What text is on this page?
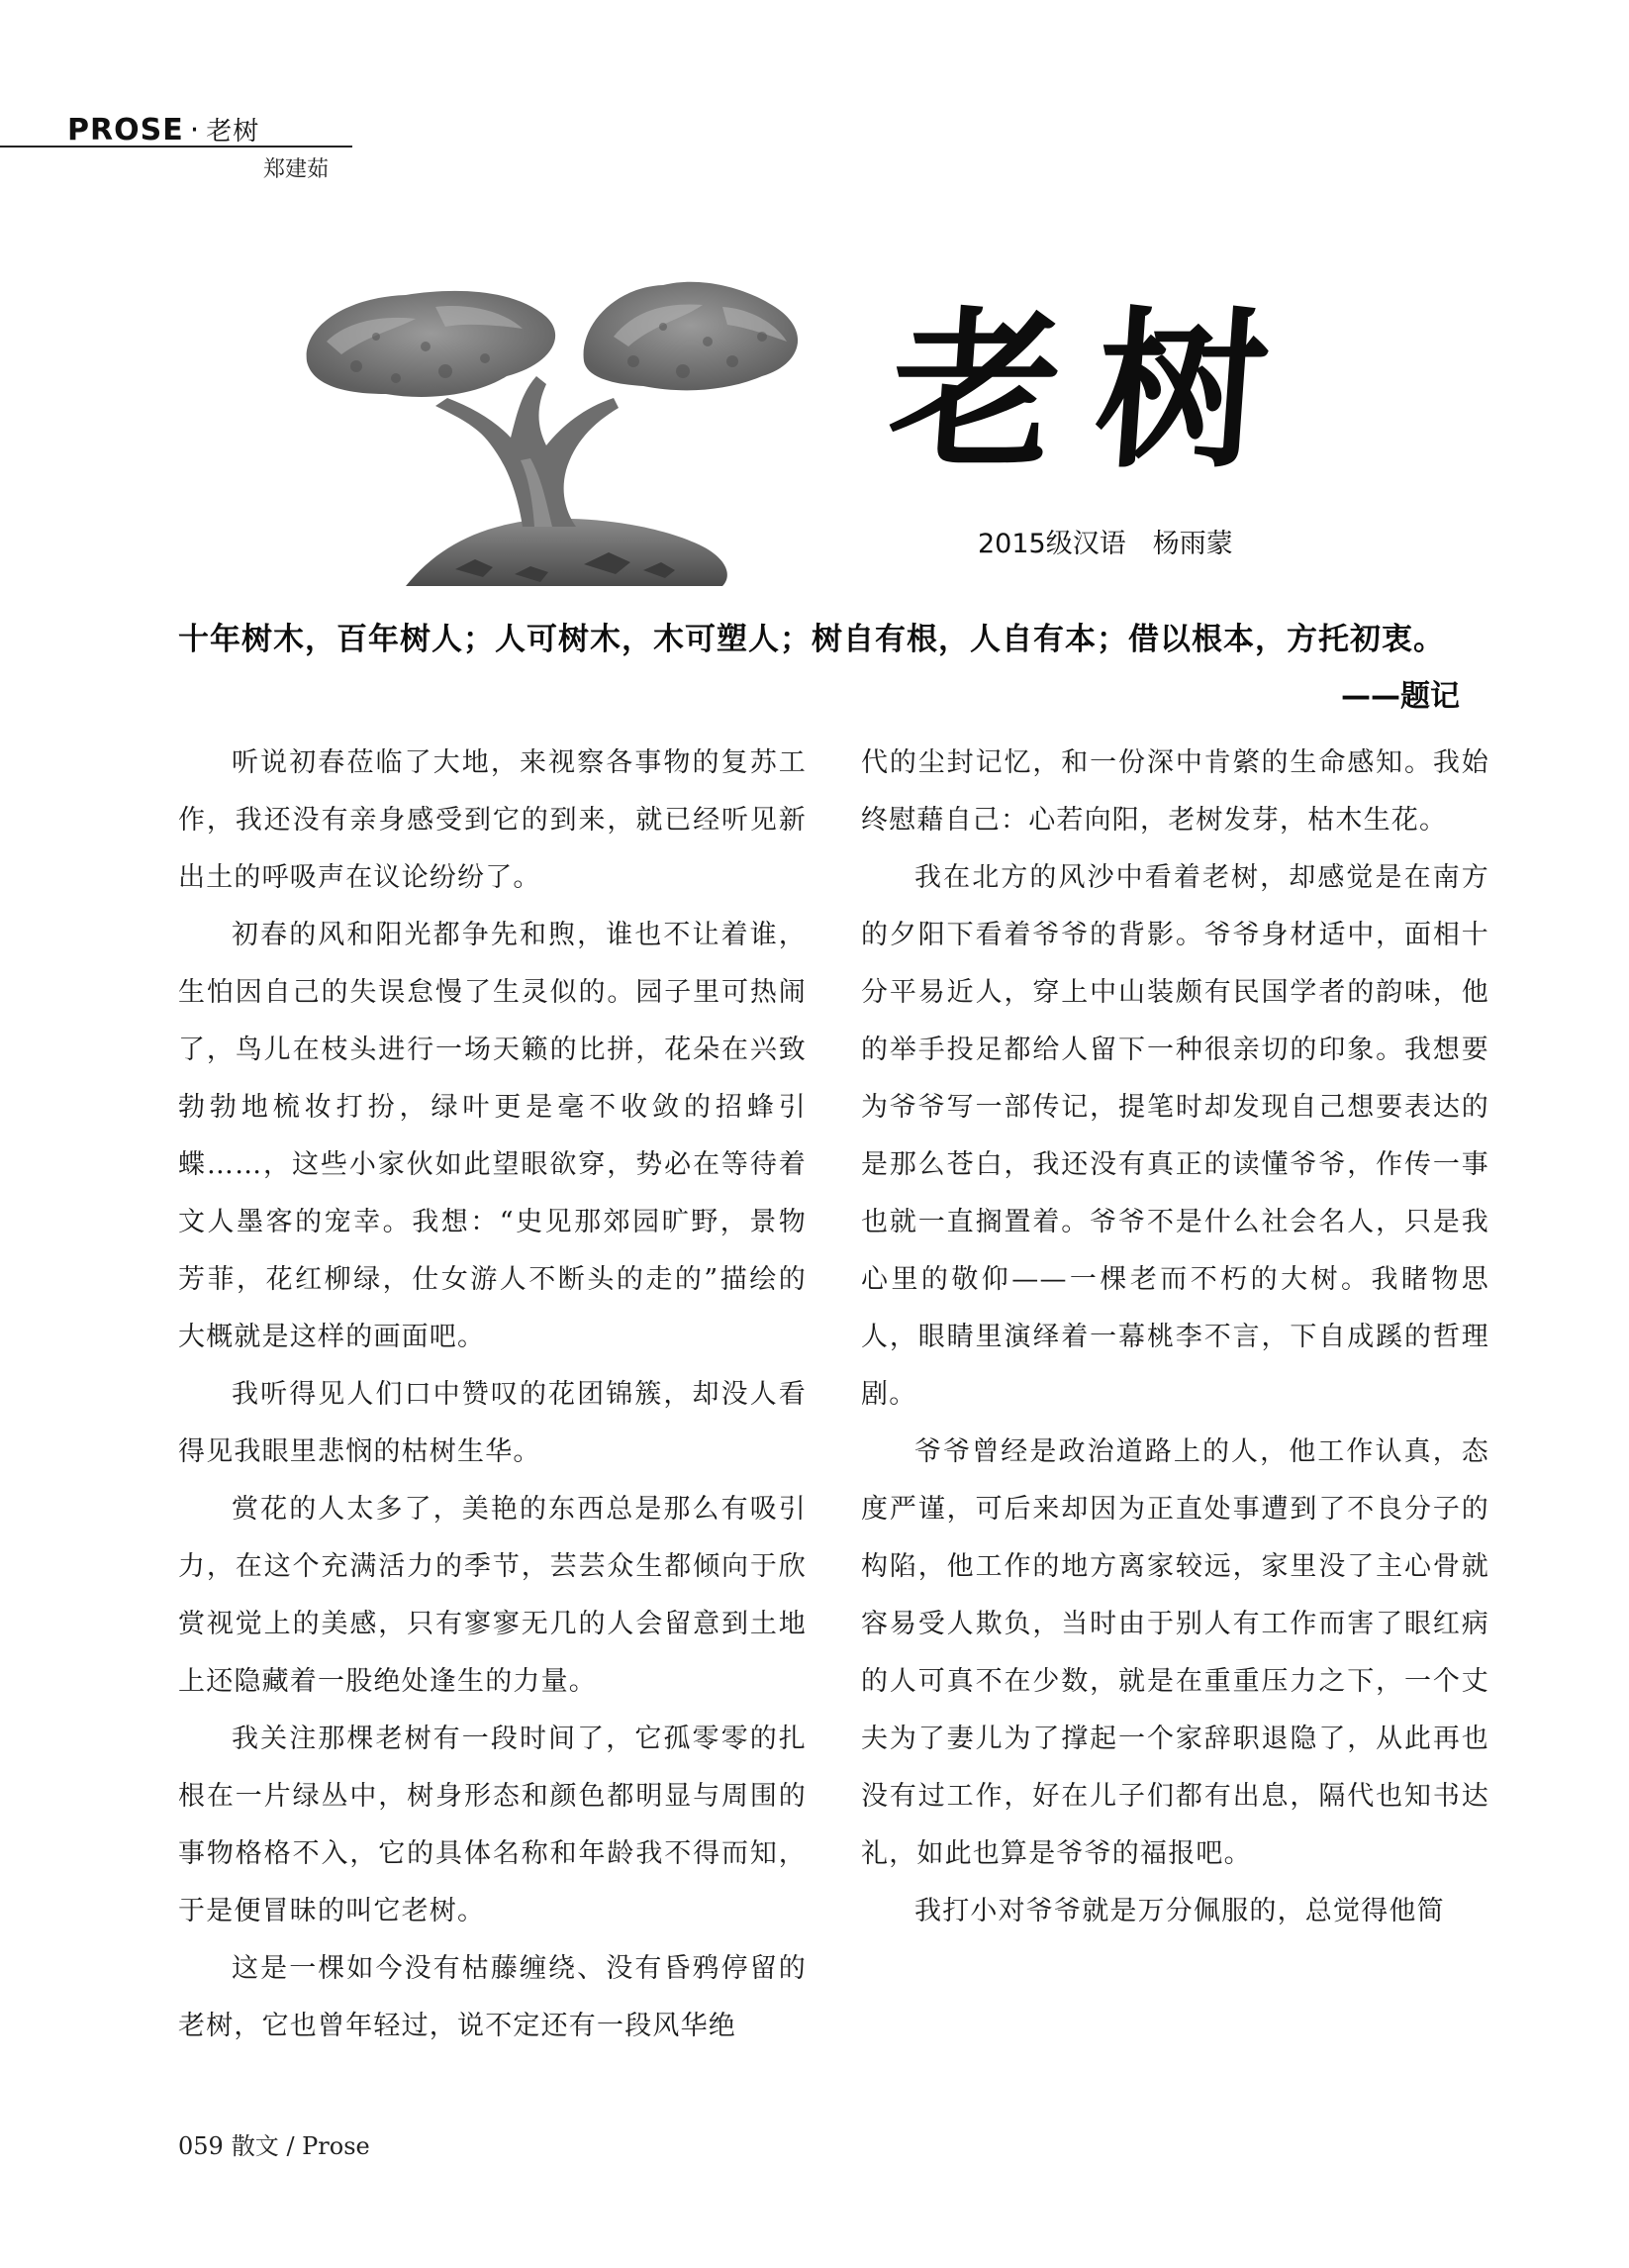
PROSE · 老树
郑建茹
老树
2015级汉语　杨雨蒙
十年树木，百年树人；人可树木，木可塑人；树自有根，人自有本；借以根本，方托初衷。
——题记

听说初春莅临了大地，来视察各事物的复苏工作，我还没有亲身感受到它的到来，就已经听见新出土的呼吸声在议论纷纷了。

初春的风和阳光都争先和煦，谁也不让着谁，生怕因自己的失误怠慢了生灵似的。园子里可热闹了，鸟儿在枝头进行一场天籁的比拼，花朵在兴致勃勃地梳妆打扮，绿叶更是毫不收敛的招蜂引蝶……，这些小家伙如此望眼欲穿，势必在等待着文人墨客的宠幸。我想：“史见那郊园旷野，景物芳菲，花红柳绿，仕女游人不断头的走的”描绘的大概就是这样的画面吧。

我听得见人们口中赞叹的花团锦簇，却没人看得见我眼里悲悯的枯树生华。

赏花的人太多了，美艳的东西总是那么有吸引力，在这个充满活力的季节，芸芸众生都倾向于欣赏视觉上的美感，只有寥寥无几的人会留意到土地上还隐藏着一股绝处逢生的力量。

我关注那棵老树有一段时间了，它孤零零的扎根在一片绿丛中，树身形态和颜色都明显与周围的事物格格不入，它的具体名称和年龄我不得而知，于是便冒昧的叫它老树。

这是一棵如今没有枯藤缠绕、没有昏鸦停留的老树，它也曾年轻过，说不定还有一段风华绝

代的尘封记忆，和一份深中肯綮的生命感知。我始终慰藉自己：心若向阳，老树发芽，枯木生花。

我在北方的风沙中看着老树，却感觉是在南方的夕阳下看着爷爷的背影。爷爷身材适中，面相十分平易近人，穿上中山装颇有民国学者的韵味，他的举手投足都给人留下一种很亲切的印象。我想要为爷爷写一部传记，提笔时却发现自己想要表达的是那么苍白，我还没有真正的读懂爷爷，作传一事也就一直搁置着。爷爷不是什么社会名人，只是我心里的敬仰——一棵老而不朽的大树。我睹物思人，眼睛里演绎着一幕桃李不言，下自成蹊的哲理剧。

爷爷曾经是政治道路上的人，他工作认真，态度严谨，可后来却因为正直处事遭到了不良分子的构陷，他工作的地方离家较远，家里没了主心骨就容易受人欺负，当时由于别人有工作而害了眼红病的人可真不在少数，就是在重重压力之下，一个丈夫为了妻儿为了撑起一个家辞职退隐了，从此再也没有过工作，好在儿子们都有出息，隔代也知书达礼，如此也算是爷爷的福报吧。

我打小对爷爷就是万分佩服的，总觉得他简

059 散文 / Prose
